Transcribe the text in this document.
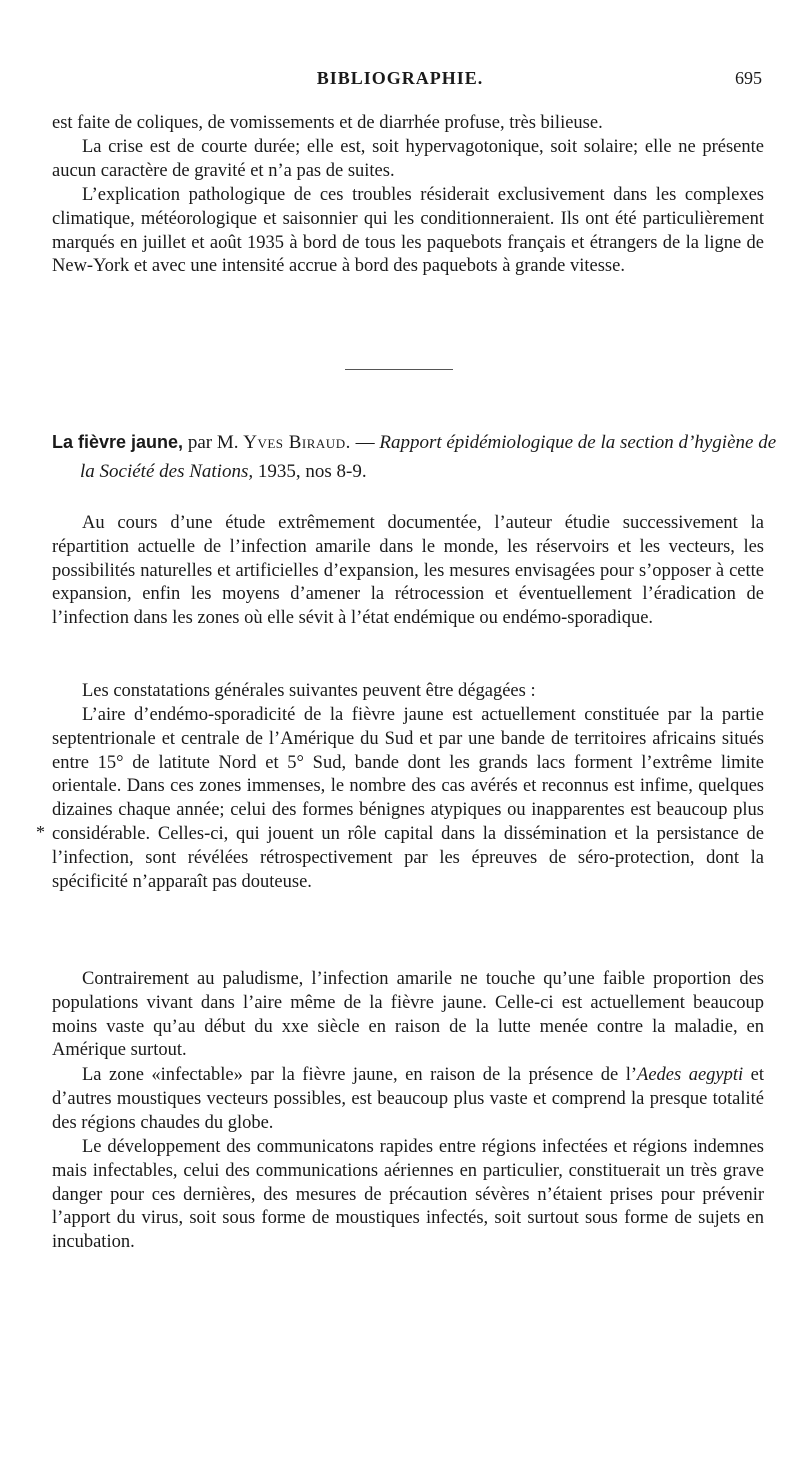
BIBLIOGRAPHIE.	695

est faite de coliques, de vomissements et de diarrhée profuse, très bilieuse.

La crise est de courte durée; elle est, soit hypervagotonique, soit solaire; elle ne présente aucun caractère de gravité et n’a pas de suites.

L’explication pathologique de ces troubles résiderait exclusivement dans les complexes climatique, météorologique et saisonnier qui les conditionneraient. Ils ont été particulièrement marqués en juillet et août 1935 à bord de tous les paquebots français et étrangers de la ligne de New-York et avec une intensité accrue à bord des paquebots à grande vitesse.

La fièvre jaune, par M. Yves Biraud. — Rapport épidémiologique de la section d’hygiène de la Société des Nations, 1935, nos 8-9.

Au cours d’une étude extrêmement documentée, l’auteur étudie successivement la répartition actuelle de l’infection amarile dans le monde, les réservoirs et les vecteurs, les possibilités naturelles et artificielles d’expansion, les mesures envisagées pour s’opposer à cette expansion, enfin les moyens d’amener la rétrocession et éventuellement l’éradication de l’infection dans les zones où elle sévit à l’état endémique ou endémo-sporadique.

Les constatations générales suivantes peuvent être dégagées :

L’aire d’endémo-sporadicité de la fièvre jaune est actuellement constituée par la partie septentrionale et centrale de l’Amérique du Sud et par une bande de territoires africains situés entre 15° de latitute Nord et 5° Sud, bande dont les grands lacs forment l’extrême limite orientale. Dans ces zones immenses, le nombre des cas avérés et reconnus est infime, quelques dizaines chaque année; celui des formes bénignes atypiques ou inapparentes est beaucoup plus considérable. Celles-ci, qui jouent un rôle capital dans la dissémination et la persistance de l’infection, sont révélées rétrospectivement par les épreuves de séro-protection, dont la spécificité n’apparaît pas douteuse.

Contrairement au paludisme, l’infection amarile ne touche qu’une faible proportion des populations vivant dans l’aire même de la fièvre jaune. Celle-ci est actuellement beaucoup moins vaste qu’au début du xxe siècle en raison de la lutte menée contre la maladie, en Amérique surtout.

La zone «infectable» par la fièvre jaune, en raison de la présence de l’Aedes aegypti et d’autres moustiques vecteurs possibles, est beaucoup plus vaste et comprend la presque totalité des régions chaudes du globe.

Le développement des communicatons rapides entre régions infectées et régions indemnes mais infectables, celui des communications aériennes en particulier, constituerait un très grave danger pour ces dernières, des mesures de précaution sévères n’étaient prises pour prévenir l’apport du virus, soit sous forme de moustiques infectés, soit surtout sous forme de sujets en incubation.

*
